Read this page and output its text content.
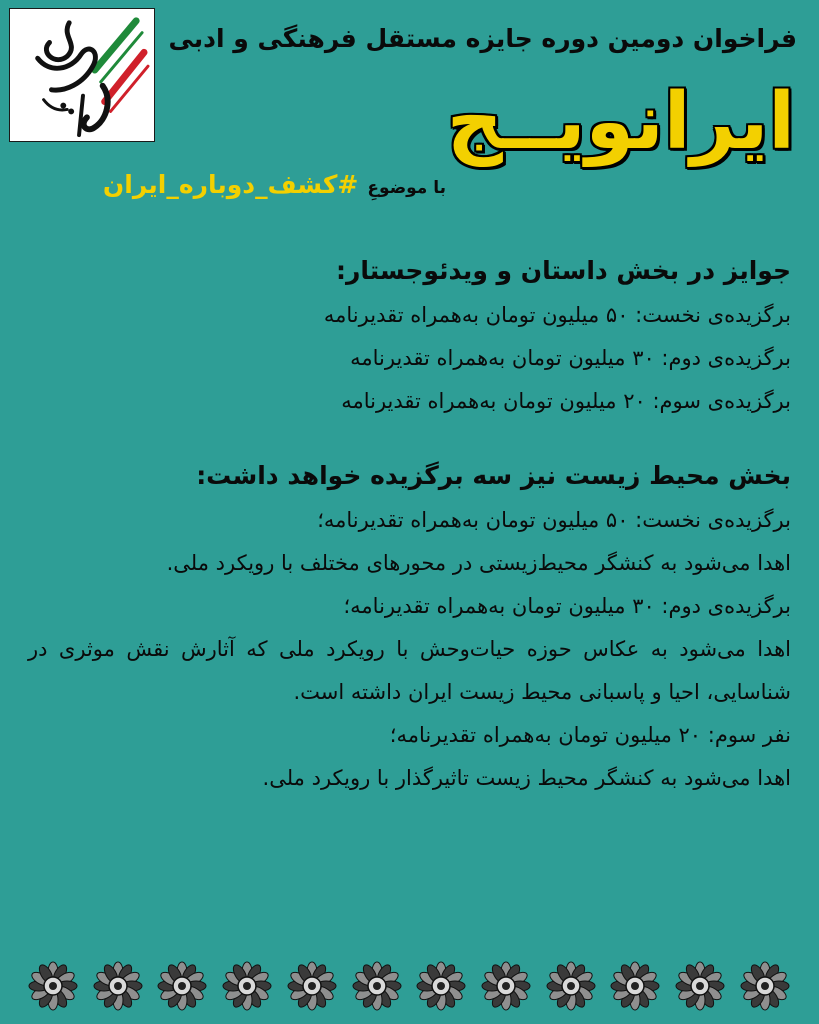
فراخوان دومین دوره جایزه مستقل فرهنگی و ادبی
ایرانویــج
با موضوعِ #کشف_دوباره_ایران

جوایز در بخش داستان و ویدئوجستار:

برگزیده‌ی نخست: ۵۰ میلیون تومان به‌همراه تقدیرنامه

برگزیده‌ی دوم: ۳۰ میلیون تومان به‌همراه تقدیرنامه

برگزیده‌ی سوم: ۲۰ میلیون تومان به‌همراه تقدیرنامه

بخش محیط زیست نیز سه برگزیده خواهد داشت:

برگزیده‌ی نخست: ۵۰ میلیون تومان به‌همراه تقدیرنامه؛

اهدا می‌شود به کنشگر محیط‌زیستی در محورهای مختلف با رویکرد ملی.

برگزیده‌ی دوم: ۳۰ میلیون تومان به‌همراه تقدیرنامه؛

اهدا می‌شود به عکاس حوزه حیات‌وحش با رویکرد ملی که آثارش نقش موثری در شناسایی، احیا و پاسبانی محیط زیست ایران داشته است.

نفر سوم: ۲۰ میلیون تومان به‌همراه تقدیرنامه؛

اهدا می‌شود به کنشگر محیط زیست تاثیرگذار با رویکرد ملی.
